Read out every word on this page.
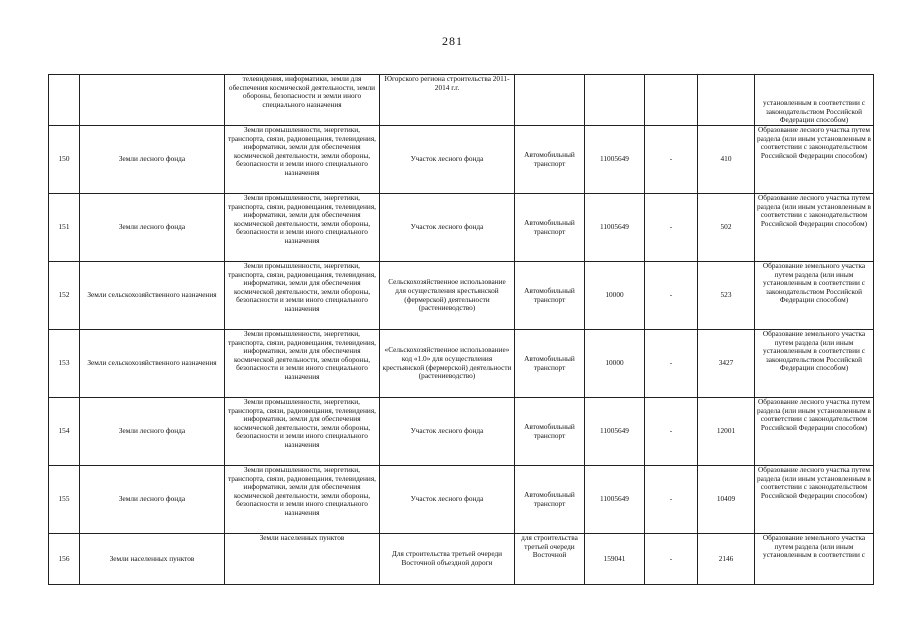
281
		телевидения, информатики, земли для обеспечения космической деятельности, земли обороны, безопасности и земли иного специального назначения	Югорского региона строительства 2011-2014 г.г.					установленным в соответствии с законодательством Российской Федерации способом)
150	Земли лесного фонда	Земли промышленности, энергетики, транспорта, связи, радиовещания, телевидения, информатики, земли для обеспечения космической деятельности, земли обороны, безопасности и земли иного специального назначения	Участок лесного фонда	Автомобильный транспорт	11005649	-	410	Образование лесного участка путем раздела (или иным установленным в соответствии с законодательством Российской Федерации способом)
151	Земли лесного фонда	Земли промышленности, энергетики, транспорта, связи, радиовещания, телевидения, информатики, земли для обеспечения космической деятельности, земли обороны, безопасности и земли иного специального назначения	Участок лесного фонда	Автомобильный транспорт	11005649	-	502	Образование лесного участка путем раздела (или иным установленным в соответствии с законодательством Российской Федерации способом)
152	Земли сельскохозяйственного назначения	Земли промышленности, энергетики, транспорта, связи, радиовещания, телевидения, информатики, земли для обеспечения космической деятельности, земли обороны, безопасности и земли иного специального назначения	Сельскохозяйственное использование для осуществления крестьянской (фермерской) деятельности (растениеводство)	Автомобильный транспорт	10000	-	523	Образование земельного участка путем раздела (или иным установленным в соответствии с законодательством Российской Федерации способом)
153	Земли сельскохозяйственного назначения	Земли промышленности, энергетики, транспорта, связи, радиовещания, телевидения, информатики, земли для обеспечения космической деятельности, земли обороны, безопасности и земли иного специального назначения	«Сельскохозяйственное использование» код «1.0» для осуществления крестьянской (фермерской) деятельности (растениеводство)	Автомобильный транспорт	10000	-	3427	Образование земельного участка путем раздела (или иным установленным в соответствии с законодательством Российской Федерации способом)
154	Земли лесного фонда	Земли промышленности, энергетики, транспорта, связи, радиовещания, телевидения, информатики, земли для обеспечения космической деятельности, земли обороны, безопасности и земли иного специального назначения	Участок лесного фонда	Автомобильный транспорт	11005649	-	12001	Образование лесного участка путем раздела (или иным установленным в соответствии с законодательством Российской Федерации способом)
155	Земли лесного фонда	Земли промышленности, энергетики, транспорта, связи, радиовещания, телевидения, информатики, земли для обеспечения космической деятельности, земли обороны, безопасности и земли иного специального назначения	Участок лесного фонда	Автомобильный транспорт	11005649	-	10409	Образование лесного участка путем раздела (или иным установленным в соответствии с законодательством Российской Федерации способом)
156	Земли населенных пунктов	Земли населенных пунктов	Для строительства третьей очереди Восточной объездной дороги	для строительства третьей очереди Восточной	159041	-	2146	Образование земельного участка путем раздела (или иным установленным в соответствии с
